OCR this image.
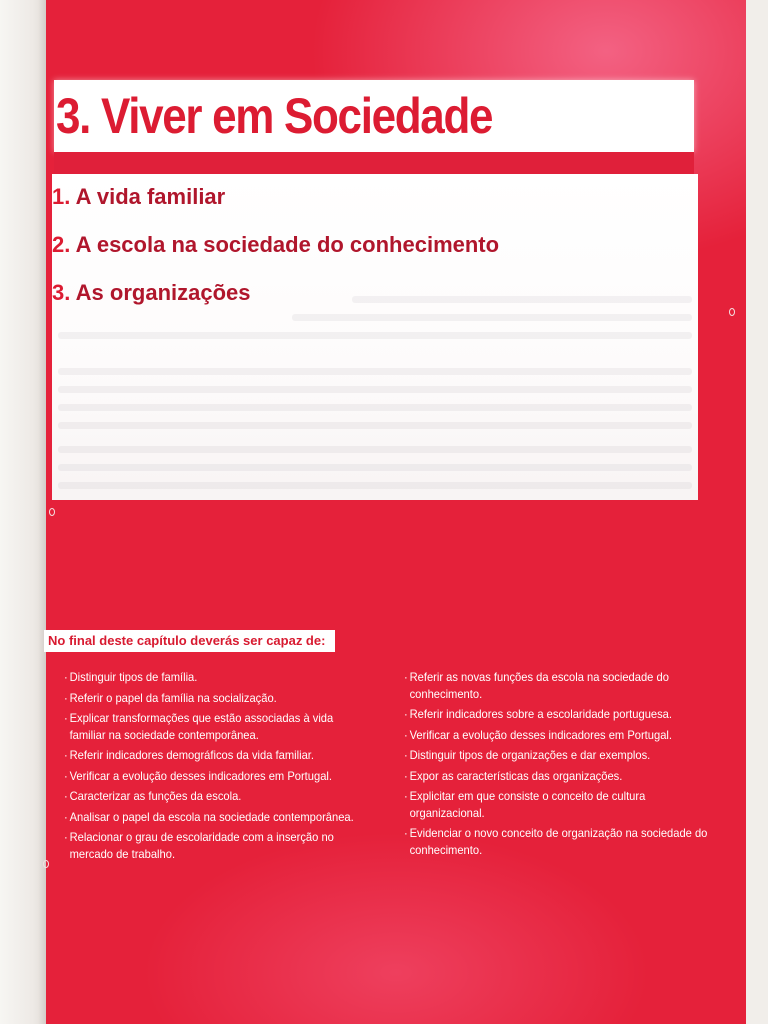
3. Viver em Sociedade
1. A vida familiar
2. A escola na sociedade do conhecimento
3. As organizações
No final deste capítulo deverás ser capaz de:
· Distinguir tipos de família.
· Referir o papel da família na socialização.
· Explicar transformações que estão associadas à vida familiar na sociedade contemporânea.
· Referir indicadores demográficos da vida familiar.
· Verificar a evolução desses indicadores em Portugal.
· Caracterizar as funções da escola.
· Analisar o papel da escola na sociedade contemporânea.
· Relacionar o grau de escolaridade com a inserção no mercado de trabalho.
· Referir as novas funções da escola na sociedade do conhecimento.
· Referir indicadores sobre a escolaridade portuguesa.
· Verificar a evolução desses indicadores em Portugal.
· Distinguir tipos de organizações e dar exemplos.
· Expor as características das organizações.
· Explicitar em que consiste o conceito de cultura organizacional.
· Evidenciar o novo conceito de organização na sociedade do conhecimento.
